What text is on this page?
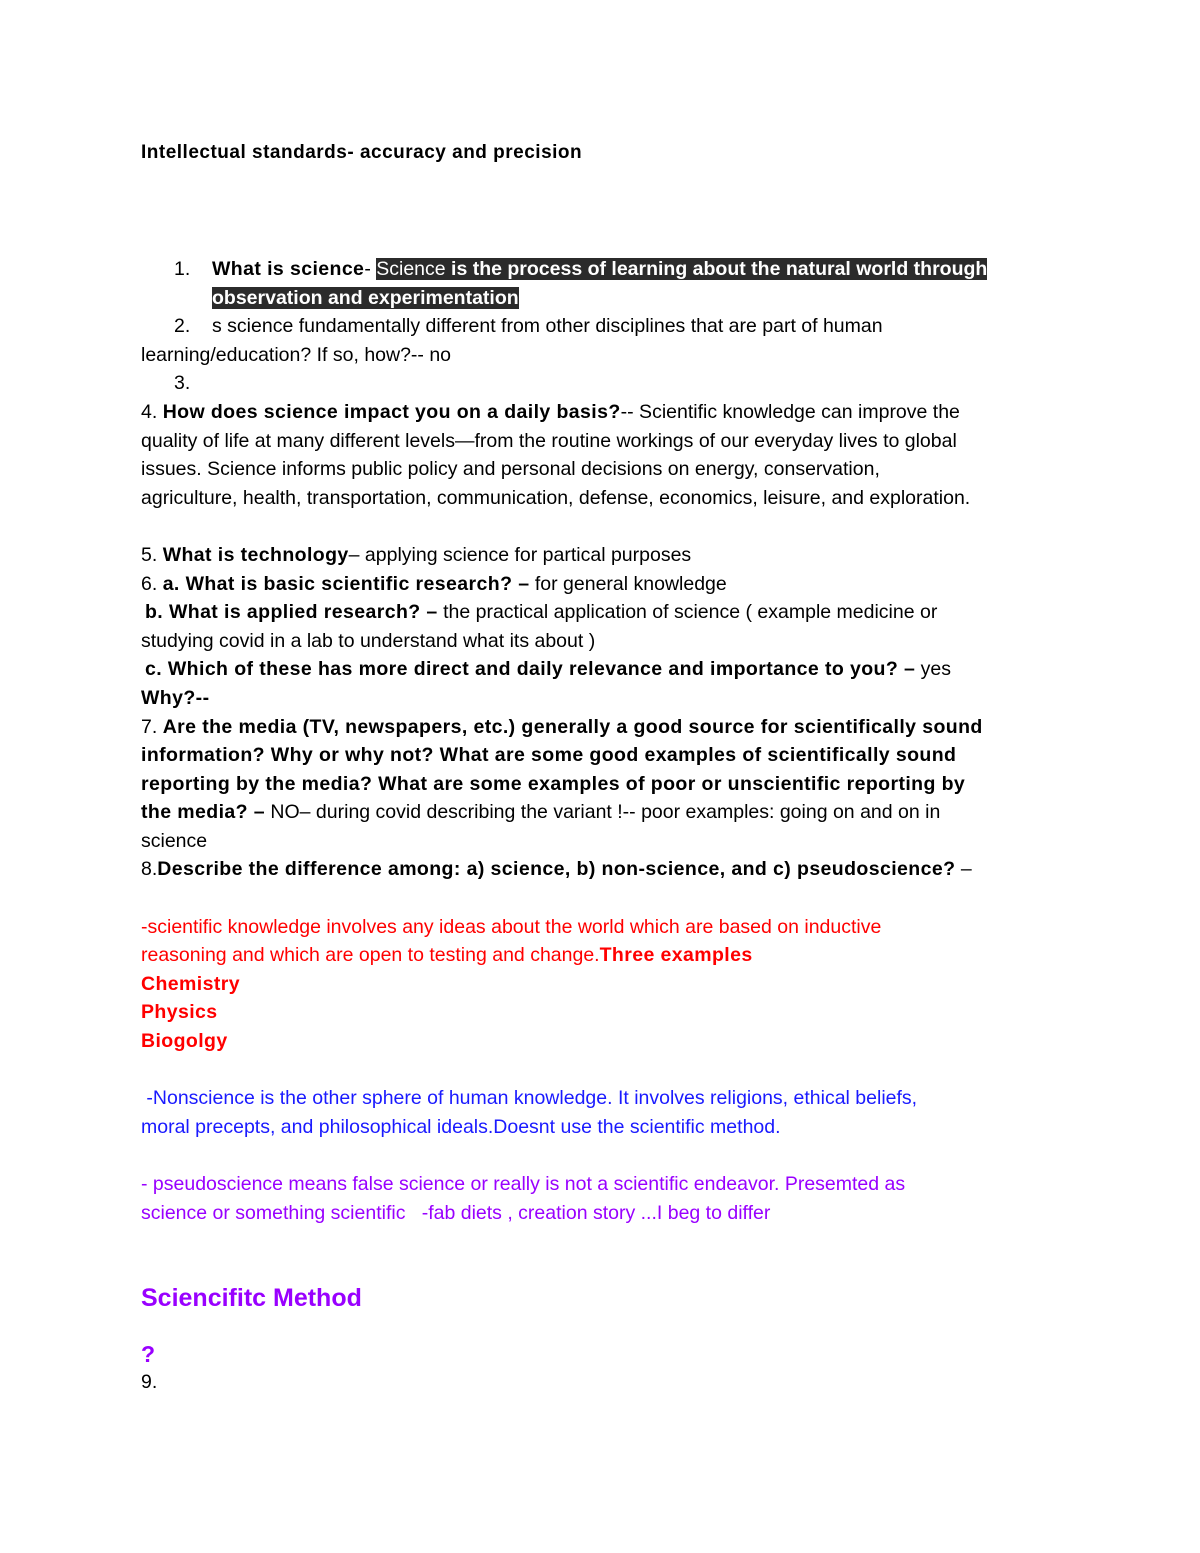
Intellectual standards- accuracy and precision
1. What is science- Science is the process of learning about the natural world through
observation and experimentation
2. s science fundamentally different from other disciplines that are part of human
learning/education? If so, how?-- no
3.
4. How does science impact you on a daily basis?-- Scientific knowledge can improve the
quality of life at many different levels—from the routine workings of our everyday lives to global
issues. Science informs public policy and personal decisions on energy, conservation,
agriculture, health, transportation, communication, defense, economics, leisure, and exploration.
5. What is technology– applying science for partical purposes
6. a. What is basic scientific research? – for general knowledge
b. What is applied research? – the practical application of science ( example medicine or
studying covid in a lab to understand what its about )
c. Which of these has more direct and daily relevance and importance to you? – yes
Why?--
7. Are the media (TV, newspapers, etc.) generally a good source for scientifically sound
information? Why or why not? What are some good examples of scientifically sound
reporting by the media? What are some examples of poor or unscientific reporting by
the media? – NO– during covid describing the variant !-- poor examples: going on and on in
science
8.Describe the difference among: a) science, b) non-science, and c) pseudoscience? –
-scientific knowledge involves any ideas about the world which are based on inductive
reasoning and which are open to testing and change.Three examples
Chemistry
Physics
Biogolgy
-Nonscience is the other sphere of human knowledge. It involves religions, ethical beliefs,
moral precepts, and philosophical ideals.Doesnt use the scientific method.
- pseudoscience means false science or really is not a scientific endeavor. Presemted as
science or something scientific   -fab diets , creation story ...I beg to differ
Sciencifitc Method
?
9.
